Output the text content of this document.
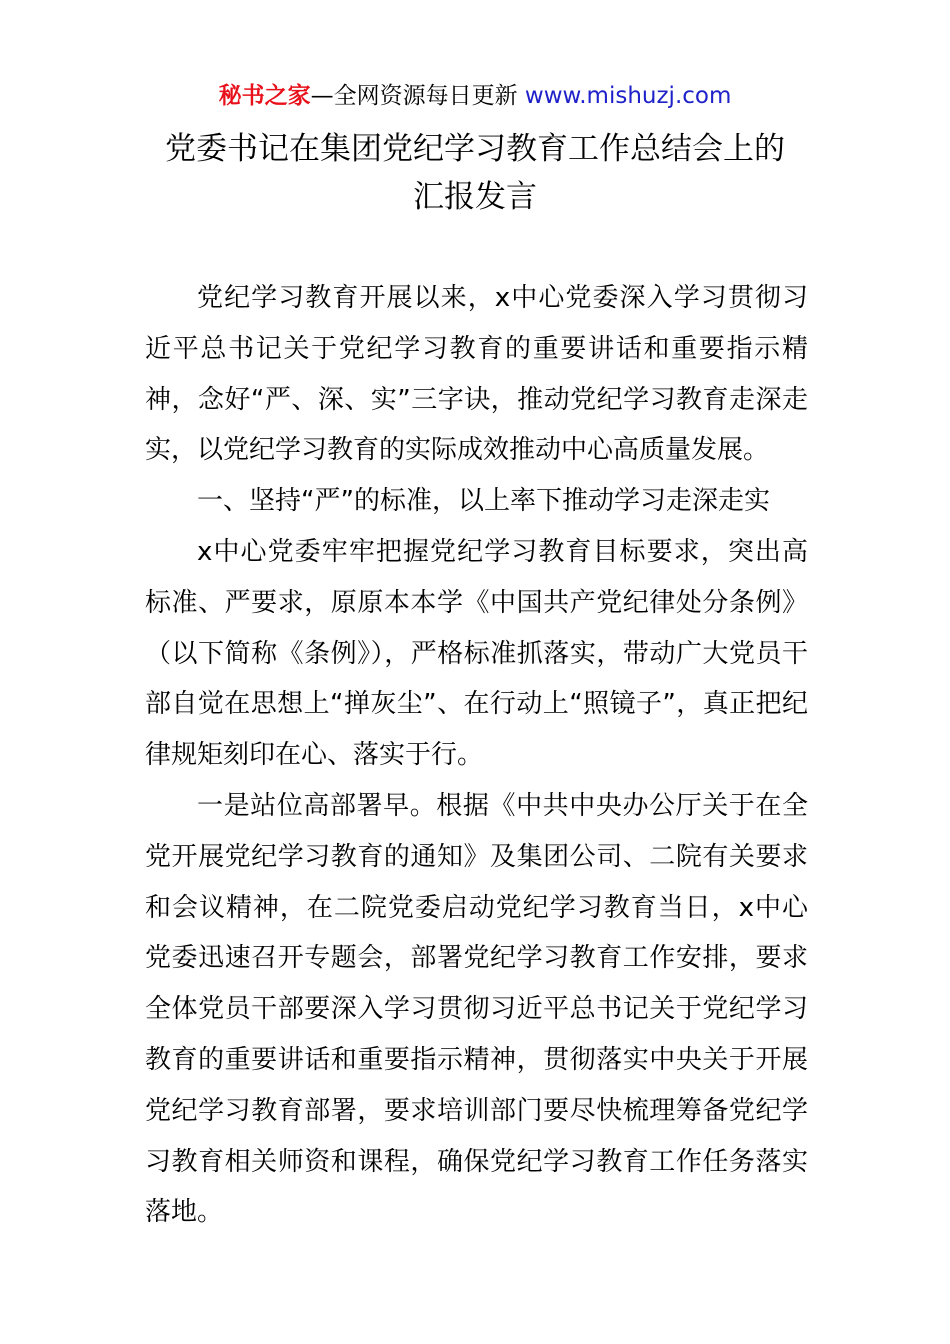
秘书之家—全网资源每日更新 www.mishuzj.com
党委书记在集团党纪学习教育工作总结会上的
汇报发言

党纪学习教育开展以来，x中心党委深入学习贯彻习近平总书记关于党纪学习教育的重要讲话和重要指示精神，念好“严、深、实”三字诀，推动党纪学习教育走深走实，以党纪学习教育的实际成效推动中心高质量发展。

一、坚持“严”的标准，以上率下推动学习走深走实

x中心党委牢牢把握党纪学习教育目标要求，突出高标准、严要求，原原本本学《中国共产党纪律处分条例》（以下简称《条例》），严格标准抓落实，带动广大党员干部自觉在思想上“掸灰尘”、在行动上“照镜子”，真正把纪律规矩刻印在心、落实于行。

一是站位高部署早。根据《中共中央办公厅关于在全党开展党纪学习教育的通知》及集团公司、二院有关要求和会议精神，在二院党委启动党纪学习教育当日，x中心党委迅速召开专题会，部署党纪学习教育工作安排，要求全体党员干部要深入学习贯彻习近平总书记关于党纪学习教育的重要讲话和重要指示精神，贯彻落实中央关于开展党纪学习教育部署，要求培训部门要尽快梳理筹备党纪学习教育相关师资和课程，确保党纪学习教育工作任务落实落地。
